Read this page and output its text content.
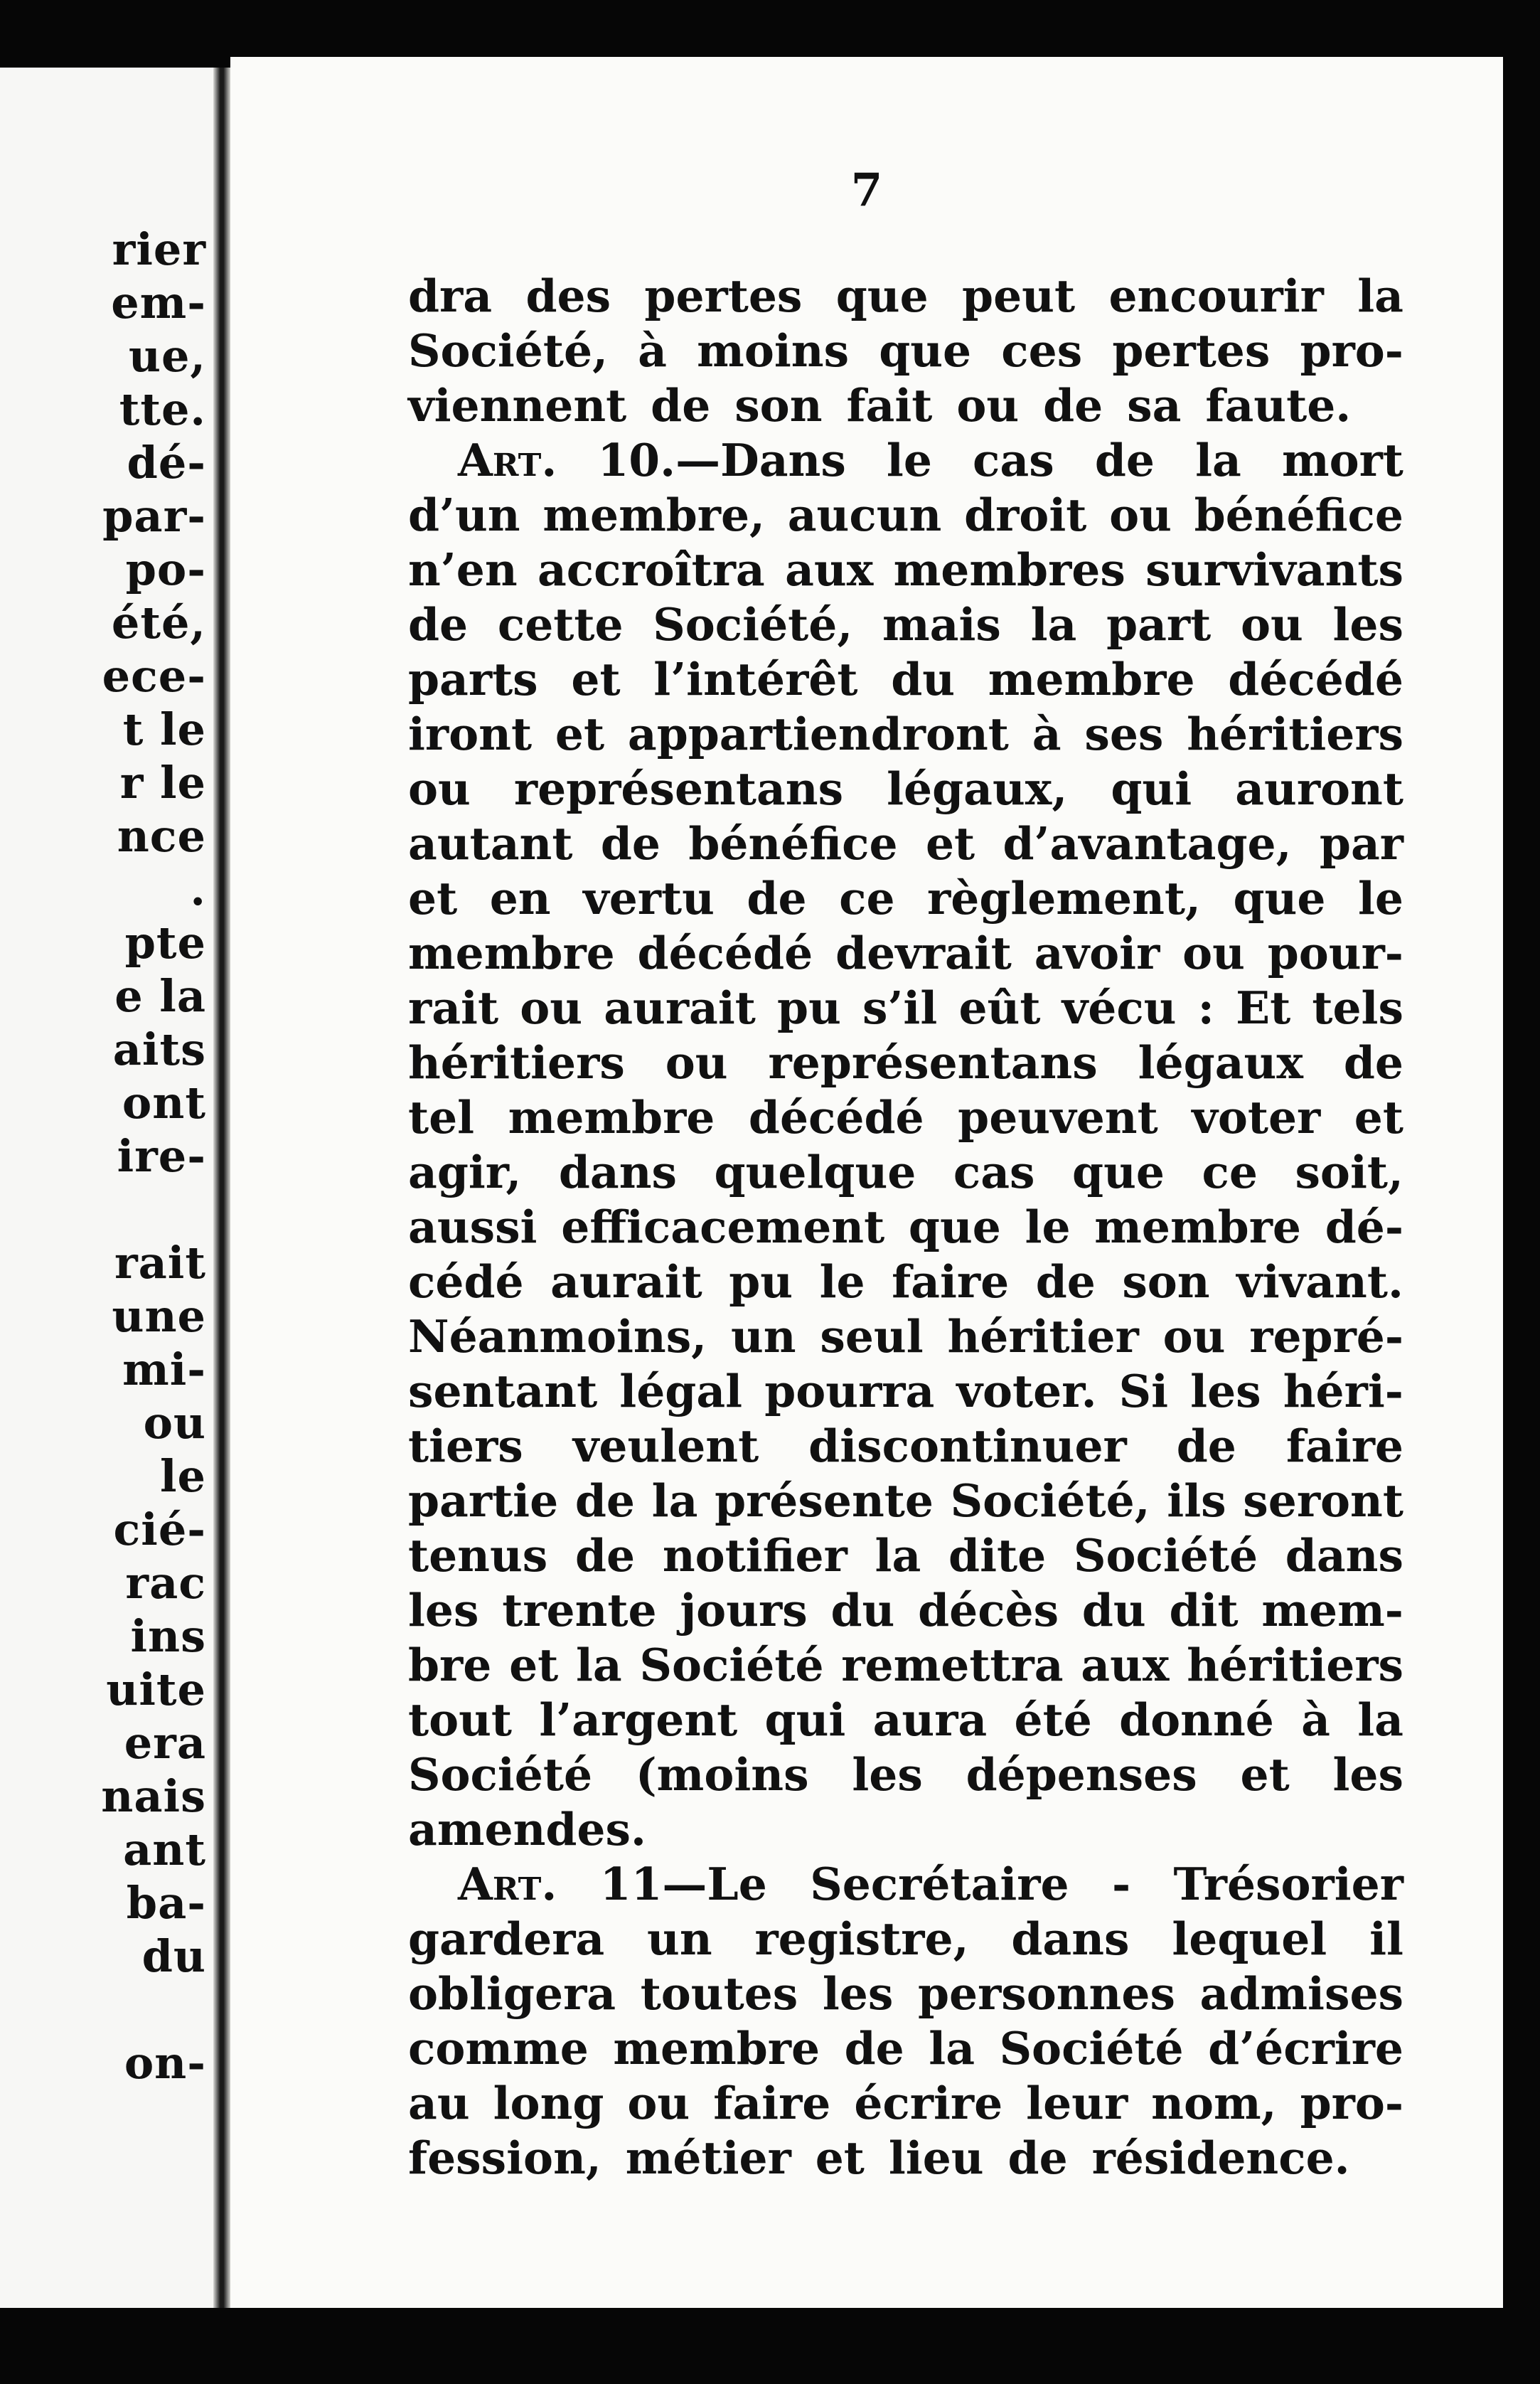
rier
em-
ue,
tte.
dé-
par-
po-
été,
ece-
t le
r le
nce
.
pte
e la
aits
ont
ire-
rait
une
mi-
ou
le
cié-
rac
ins
uite
era
nais
ant
ba-
du
on-
7
dra des pertes que peut encourir la
Société, à moins que ces pertes pro-
viennent de son fait ou de sa faute.
Art. 10.—Dans le cas de la mort
d’un membre, aucun droit ou bénéfice
n’en accroîtra aux membres survivants
de cette Société, mais la part ou les
parts et l’intérêt du membre décédé
iront et appartiendront à ses héritiers
ou représentans légaux, qui auront
autant de bénéfice et d’avantage, par
et en vertu de ce règlement, que le
membre décédé devrait avoir ou pour-
rait ou aurait pu s’il eût vécu : Et tels
héritiers ou représentans légaux de
tel membre décédé peuvent voter et
agir, dans quelque cas que ce soit,
aussi efficacement que le membre dé-
cédé aurait pu le faire de son vivant.
Néanmoins, un seul héritier ou repré-
sentant légal pourra voter. Si les héri-
tiers veulent discontinuer de faire
partie de la présente Société, ils seront
tenus de notifier la dite Société dans
les trente jours du décès du dit mem-
bre et la Société remettra aux héritiers
tout l’argent qui aura été donné à la
Société (moins les dépenses et les
amendes.
Art. 11—Le Secrétaire - Trésorier
gardera un registre, dans lequel il
obligera toutes les personnes admises
comme membre de la Société d’écrire
au long ou faire écrire leur nom, pro-
fession, métier et lieu de résidence.
